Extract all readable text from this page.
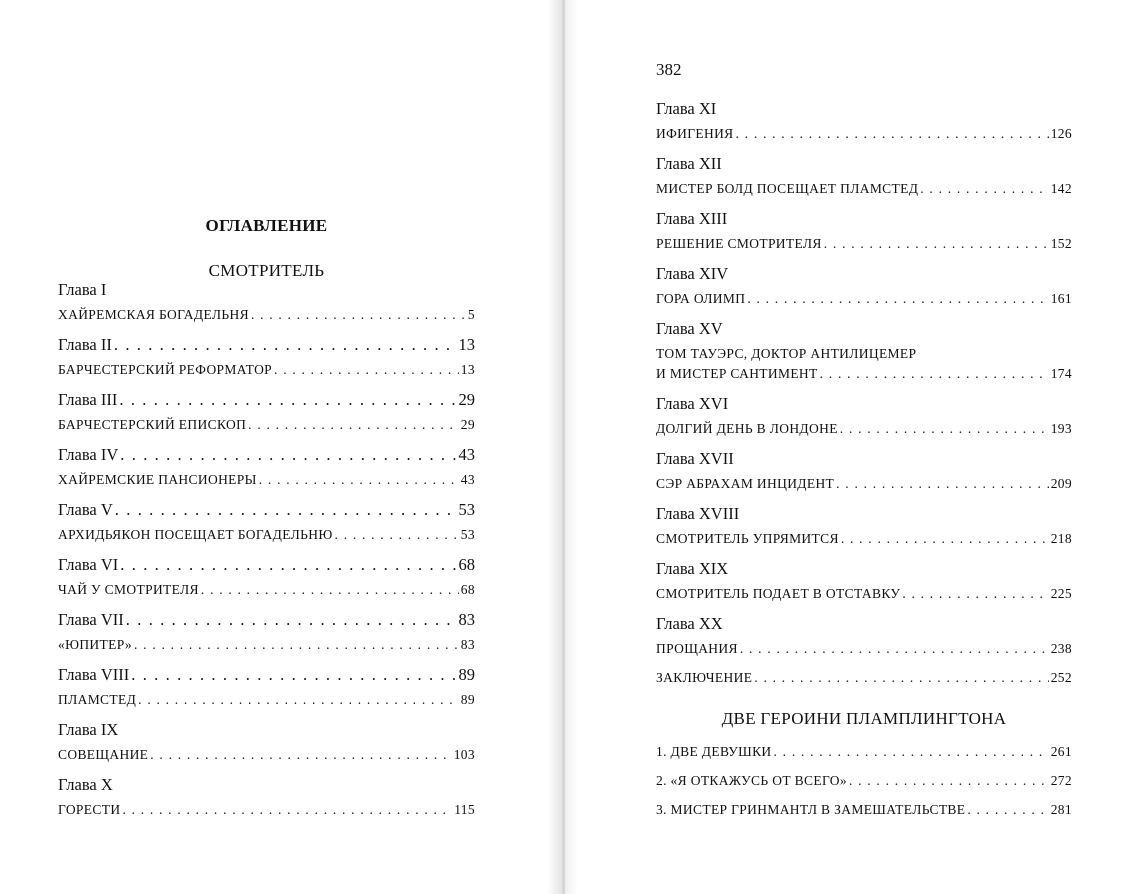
ОГЛАВЛЕНИЕ
СМОТРИТЕЛЬ
Глава I
ХАЙРЕМСКАЯ БОГАДЕЛЬНЯ . . .	5
Глава II . . .	13
БАРЧЕСТЕРСКИЙ РЕФОРМАТОР . . .	13
Глава III . . .	29
БАРЧЕСТЕРСКИЙ ЕПИСКОП . . .	29
Глава IV . . .	43
ХАЙРЕМСКИЕ ПАНСИОНЕРЫ . . .	43
Глава V . . .	53
АРХИДЬЯКОН ПОСЕЩАЕТ БОГАДЕЛЬНЮ . . .	53
Глава VI . . .	68
ЧАЙ У СМОТРИТЕЛЯ . . .	68
Глава VII . . .	83
«ЮПИТЕР» . . .	83
Глава VIII . . .	89
ПЛАМСТЕД . . .	89
Глава IX
СОВЕЩАНИЕ . . .	103
Глава X
ГОРЕСТИ . . .	115
382
Глава XI
ИФИГЕНИЯ . . .	126
Глава XII
МИСТЕР БОЛД ПОСЕЩАЕТ ПЛАМСТЕД . . .	142
Глава XIII
РЕШЕНИЕ СМОТРИТЕЛЯ . . .	152
Глава XIV
ГОРА ОЛИМП . . .	161
Глава XV
ТОМ ТАУЭРС, ДОКТОР АНТИЛИЦЕМЕР
И МИСТЕР САНТИМЕНТ . . .	174
Глава XVI
ДОЛГИЙ ДЕНЬ В ЛОНДОНЕ . . .	193
Глава XVII
СЭР АБРАХАМ ИНЦИДЕНТ . . .	209
Глава XVIII
СМОТРИТЕЛЬ УПРЯМИТСЯ . . .	218
Глава XIX
СМОТРИТЕЛЬ ПОДАЕТ В ОТСТАВКУ . . .	225
Глава XX
ПРОЩАНИЯ . . .	238
ЗАКЛЮЧЕНИЕ . . .	252
ДВЕ ГЕРОИНИ ПЛАМПЛИНГТОНА
1. ДВЕ ДЕВУШКИ . . .	261
2. «Я ОТКАЖУСЬ ОТ ВСЕГО» . . .	272
3. МИСТЕР ГРИНМАНТЛ В ЗАМЕШАТЕЛЬСТВЕ . . .	281
